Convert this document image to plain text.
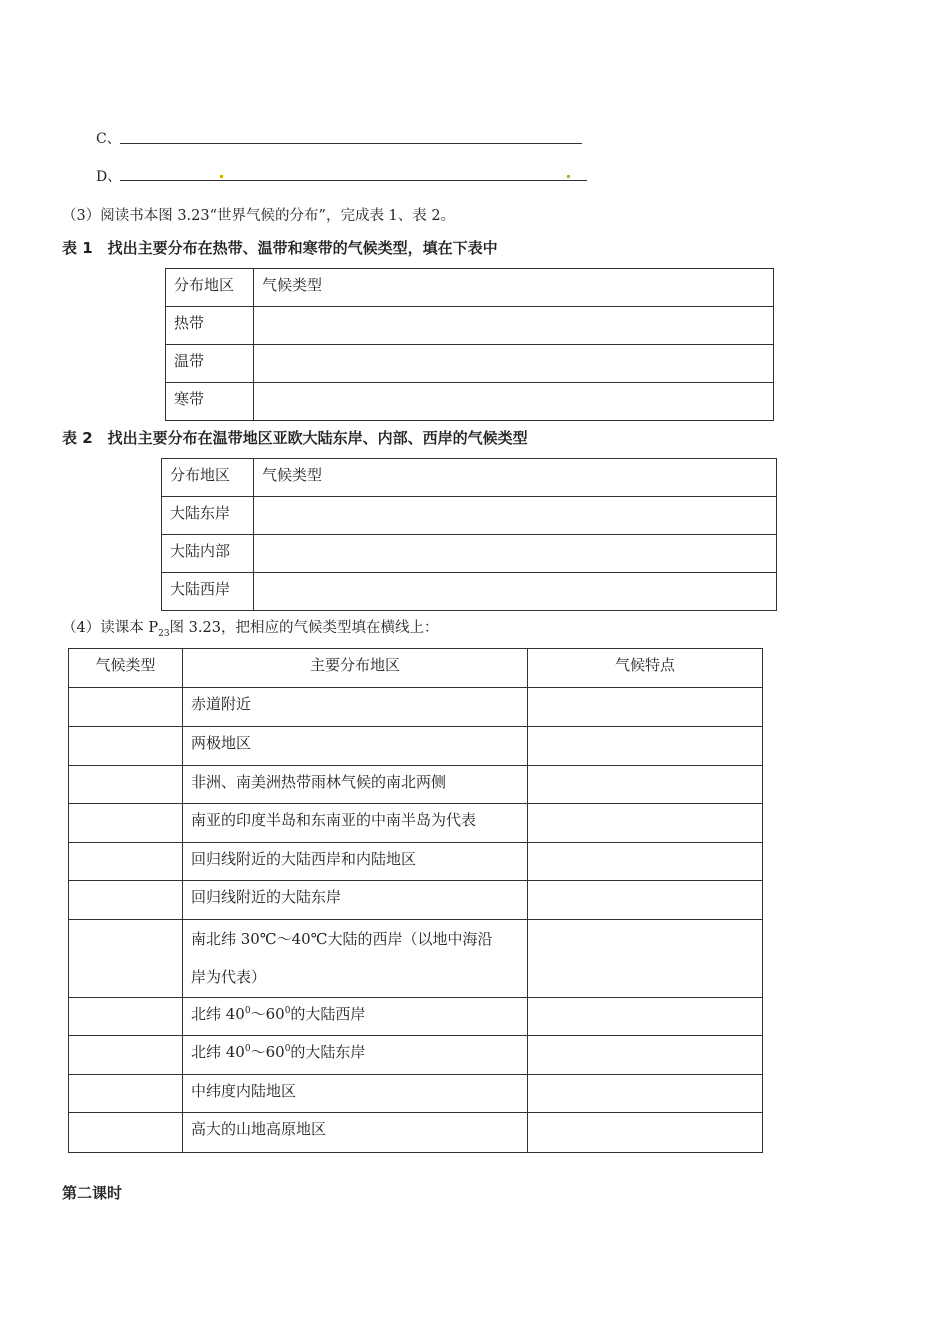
C、
D、
（3）阅读书本图 3.23“世界气候的分布”，完成表 1、表 2。
表 1　找出主要分布在热带、温带和寒带的气候类型，填在下表中
分布地区	气候类型
热带	
温带	
寒带	
表 2　找出主要分布在温带地区亚欧大陆东岸、内部、西岸的气候类型
分布地区	气候类型
大陆东岸	
大陆内部	
大陆西岸	
（4）读课本 $P_{23}$图 3.23，把相应的气候类型填在横线上：
气候类型	主要分布地区	气候特点
	赤道附近	
	两极地区	
	非洲、南美洲热带雨林气候的南北两侧	
	南亚的印度半岛和东南亚的中南半岛为代表	
	回归线附近的大陆西岸和内陆地区	
	回归线附近的大陆东岸	
	南北纬 30℃～40℃大陆的西岸（以地中海沿
岸为代表）	
	北纬 $40^0\sim 60^0$的大陆西岸	
	北纬 $40^0\sim 60^0$的大陆东岸	
	中纬度内陆地区	
	高大的山地高原地区	
第二课时
